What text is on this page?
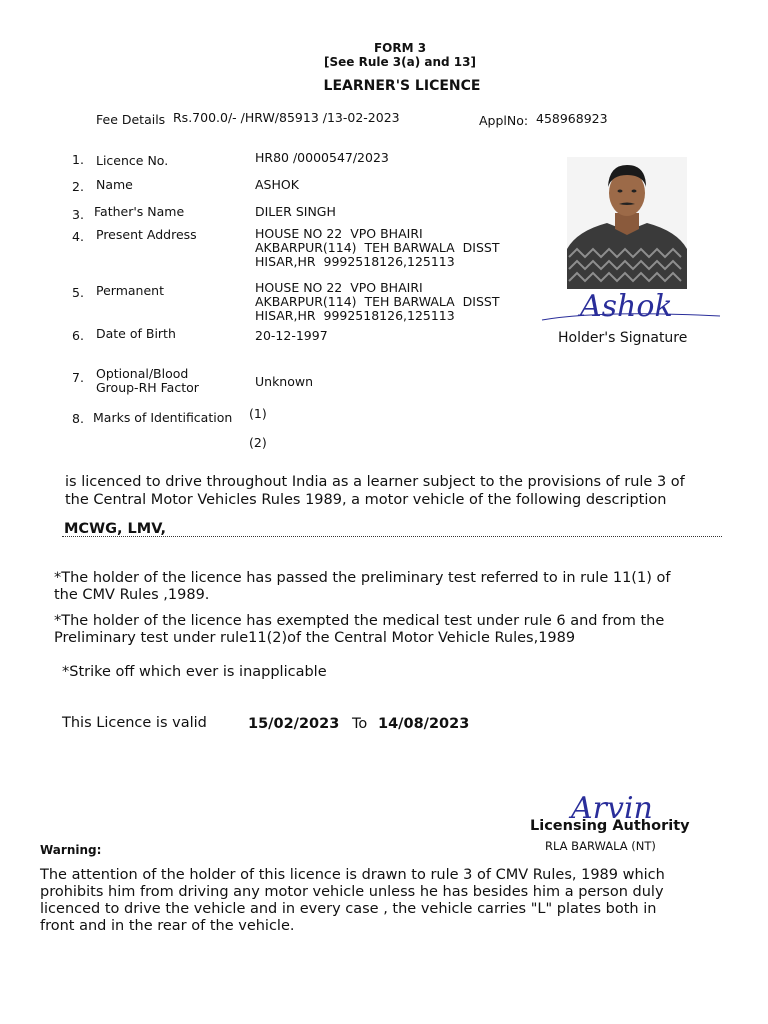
FORM 3
[See Rule 3(a) and 13]
LEARNER'S LICENCE
Fee Details Rs.700.0/- /HRW/85913 /13-02-2023	ApplNo: 458968923
1. Licence No.	HR80 /0000547/2023
2. Name	ASHOK
3. Father's Name	DILER SINGH
4. Present Address	HOUSE NO 22  VPO BHAIRI
AKBARPUR(114)  TEH BARWALA  DISST
HISAR,HR  9992518126,125113
5. Permanent	HOUSE NO 22  VPO BHAIRI
AKBARPUR(114)  TEH BARWALA  DISST
HISAR,HR  9992518126,125113
6. Date of Birth	20-12-1997
7. Optional/Blood
Group-RH Factor	Unknown
8. Marks of Identification (1)
(2)
Ashok
Holder's Signature
is licenced to drive throughout India as a learner subject to the provisions of rule 3 of
the Central Motor Vehicles Rules 1989, a motor vehicle of the following description
MCWG, LMV,
*The holder of the licence has passed the preliminary test referred to in rule 11(1) of
the CMV Rules ,1989.
*The holder of the licence has exempted the medical test under rule 6 and from the
Preliminary test under rule11(2)of the Central Motor Vehicle Rules,1989
*Strike off which ever is inapplicable
This Licence is valid	15/02/2023 To 14/08/2023
Arvin
Licensing Authority
RLA BARWALA (NT)
Warning:
The attention of the holder of this licence is drawn to rule 3 of CMV Rules, 1989 which
prohibits him from driving any motor vehicle unless he has besides him a person duly
licenced to drive the vehicle and in every case , the vehicle carries "L" plates both in
front and in the rear of the vehicle.
